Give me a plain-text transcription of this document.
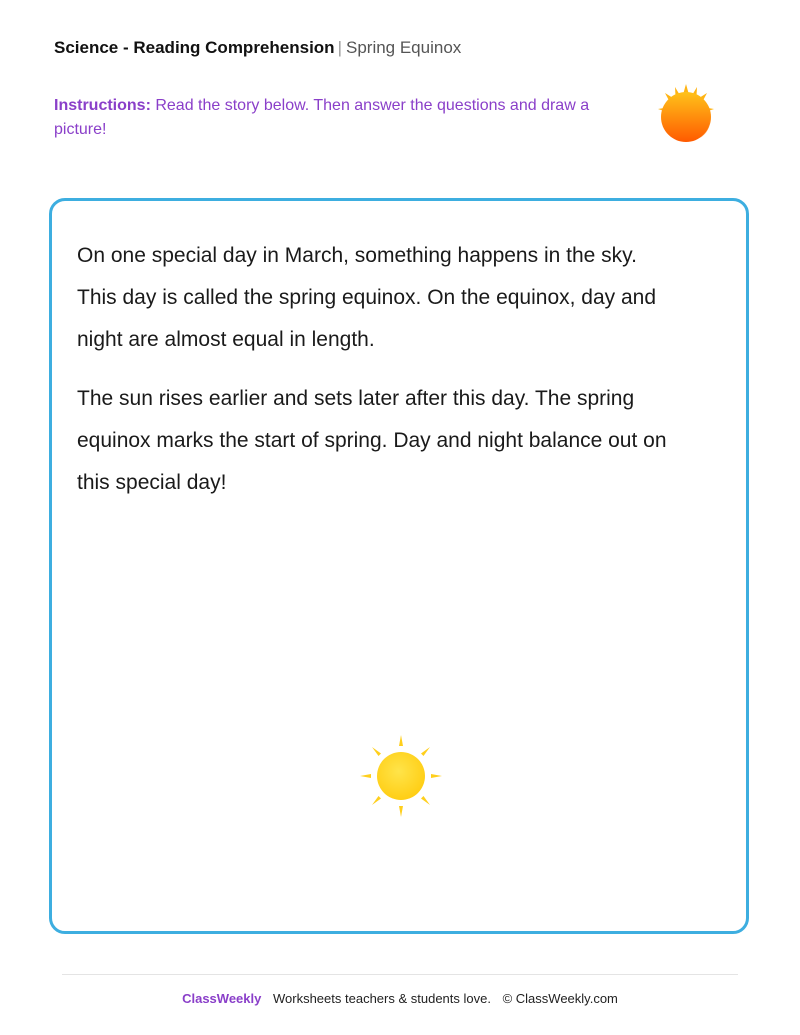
Science - Reading Comprehension | Spring Equinox
Instructions: Read the story below. Then answer the questions and draw a picture!

On one special day in March, something happens in the sky. This day is called the spring equinox. On the equinox, day and night are almost equal in length.

The sun rises earlier and sets later after this day. The spring equinox marks the start of spring. Day and night balance out on this special day!

ClassWeekly Worksheets teachers & students love. © ClassWeekly.com
